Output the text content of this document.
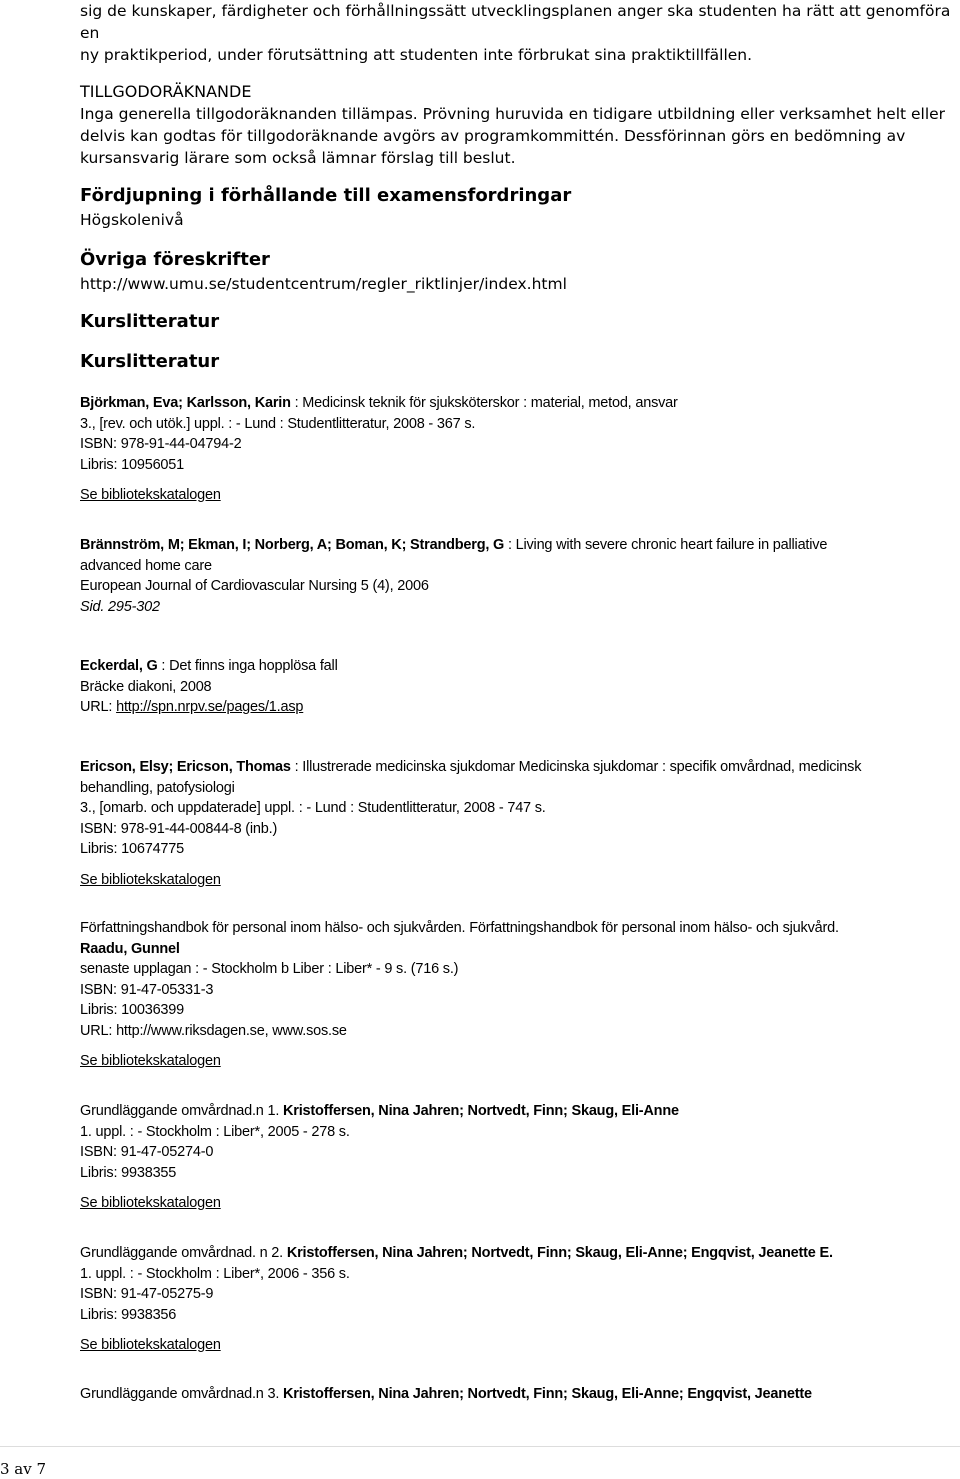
sig de kunskaper, färdigheter och förhållningssätt utvecklingsplanen anger ska studenten ha rätt att genomföra en
ny praktikperiod, under förutsättning att studenten inte förbrukat sina praktiktillfällen.
TILLGODORÄKNANDE
Inga generella tillgodoräknanden tillämpas. Prövning huruvida en tidigare utbildning eller verksamhet helt eller
delvis kan godtas för tillgodoräknande avgörs av programkommittén. Dessförinnan görs en bedömning av
kursansvarig lärare som också lämnar förslag till beslut.
Fördjupning i förhållande till examensfordringar
Högskolenivå
Övriga föreskrifter
http://www.umu.se/studentcentrum/regler_riktlinjer/index.html
Kurslitteratur
Kurslitteratur
Björkman, Eva; Karlsson, Karin : Medicinsk teknik för sjuksköterskor : material, metod, ansvar
3., [rev. och utök.] uppl. : - Lund : Studentlitteratur, 2008 - 367 s.
ISBN: 978-91-44-04794-2
Libris: 10956051
Se bibliotekskatalogen
Brännström, M; Ekman, I; Norberg, A; Boman, K; Strandberg, G : Living with severe chronic heart failure in palliative
advanced home care
European Journal of Cardiovascular Nursing 5 (4), 2006
Sid. 295-302
Eckerdal, G : Det finns inga hopplösa fall
Bräcke diakoni, 2008
URL: http://spn.nrpv.se/pages/1.asp
Ericson, Elsy; Ericson, Thomas : Illustrerade medicinska sjukdomar Medicinska sjukdomar : specifik omvårdnad, medicinsk
behandling, patofysiologi
3., [omarb. och uppdaterade] uppl. : - Lund : Studentlitteratur, 2008 - 747 s.
ISBN: 978-91-44-00844-8 (inb.)
Libris: 10674775
Se bibliotekskatalogen
Författningshandbok för personal inom hälso- och sjukvården. Författningshandbok för personal inom hälso- och sjukvård.
Raadu, Gunnel
senaste upplagan : - Stockholm b Liber : Liber* - 9 s. (716 s.)
ISBN: 91-47-05331-3
Libris: 10036399
URL: http://www.riksdagen.se, www.sos.se
Se bibliotekskatalogen
Grundläggande omvårdnad.n 1. Kristoffersen, Nina Jahren; Nortvedt, Finn; Skaug, Eli-Anne
1. uppl. : - Stockholm : Liber*, 2005 - 278 s.
ISBN: 91-47-05274-0
Libris: 9938355
Se bibliotekskatalogen
Grundläggande omvårdnad. n 2. Kristoffersen, Nina Jahren; Nortvedt, Finn; Skaug, Eli-Anne; Engqvist, Jeanette E.
1. uppl. : - Stockholm : Liber*, 2006 - 356 s.
ISBN: 91-47-05275-9
Libris: 9938356
Se bibliotekskatalogen
Grundläggande omvårdnad.n 3. Kristoffersen, Nina Jahren; Nortvedt, Finn; Skaug, Eli-Anne; Engqvist, Jeanette
3 av 7
